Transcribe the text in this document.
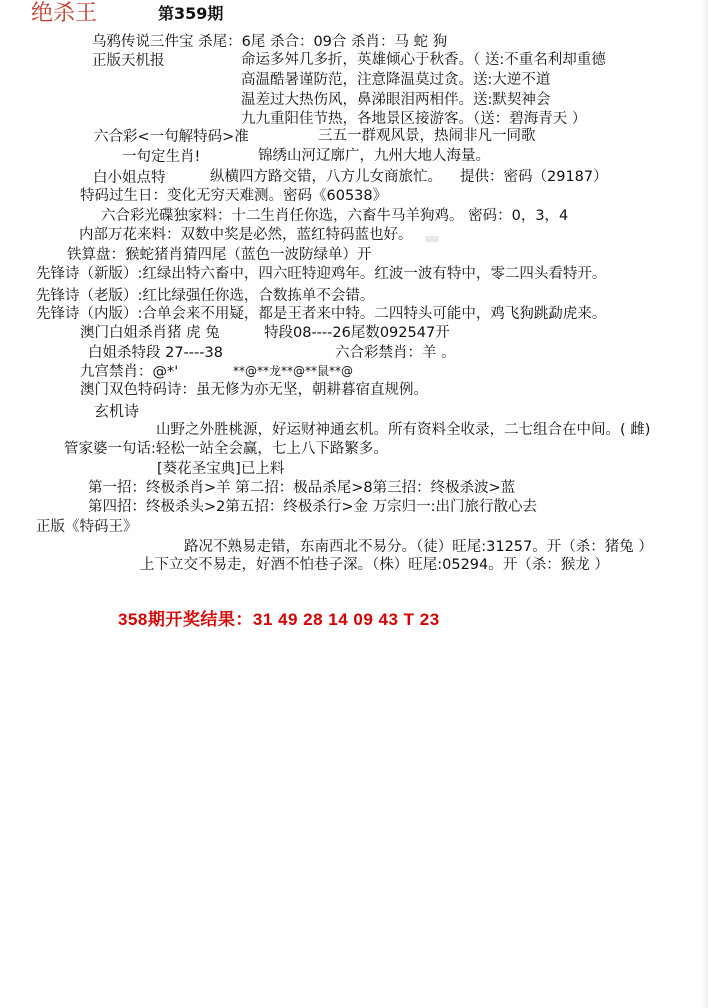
绝杀王	第359期
乌鸦传说三件宝 杀尾：6尾 杀合：09合 杀肖：马 蛇 狗
正版天机报	命运多舛几多折，英雄倾心于秋香。（ 送:不重名利却重德
高温酷暑谨防范，注意降温莫过贪。送:大逆不道
温差过大热伤风，鼻涕眼泪两相伴。送:默契神会
九九重阳佳节热，各地景区接游客。（送：碧海青天 ）
六合彩<一句解特码>准	三五一群观风景，热闹非凡一同歌
一句定生肖!	锦绣山河辽廓广，九州大地人海量。
白小姐点特	纵横四方路交错，八方儿女商旅忙。 提供：密码（29187）
特码过生日：变化无穷天难测。密码《60538》
六合彩光碟独家料：十二生肖任你选，六畜牛马羊狗鸡。 密码：0，3，4
内部万花来料：双数中奖是必然，蓝红特码蓝也好。
铁算盘：猴蛇猪肖猜四尾（蓝色一波防绿单）开
先锋诗（新版）:红绿出特六畜中，四六旺特迎鸡年。红波一波有特中，零二四头看特开。
先锋诗（老版）:红比绿强任你选，合数拣单不会错。
先锋诗（内版）:合单会来不用疑，都是王者来中特。二四特头可能中，鸡飞狗跳勐虎来。
澳门白姐杀肖猪 虎 兔	特段08----26尾数092547开
白姐杀特段 27----38	六合彩禁肖：羊 。
九宫禁肖：@*'	**@**龙**@**鼠**@
澳门双色特码诗：虽无修为亦无坚，朝耕暮宿直规例。
玄机诗
山野之外胜桃源，好运财神通玄机。所有资料全收录，二七组合在中间。( 雌)
管家婆一句话:轻松一站全会赢，七上八下路繁多。
[葵花圣宝典]已上料
第一招：终极杀肖>羊 第二招：极品杀尾>8第三招：终极杀波>蓝
第四招：终极杀头>2第五招：终极杀行>金 万宗归一:出门旅行散心去
正版《特码王》
路况不熟易走错，东南西北不易分。（徒）旺尾:31257。开（杀：猪兔 ）
上下立交不易走，好酒不怕巷子深。（株）旺尾:05294。开（杀：猴龙 ）
358期开奖结果：31 49 28 14 09 43 T 23
